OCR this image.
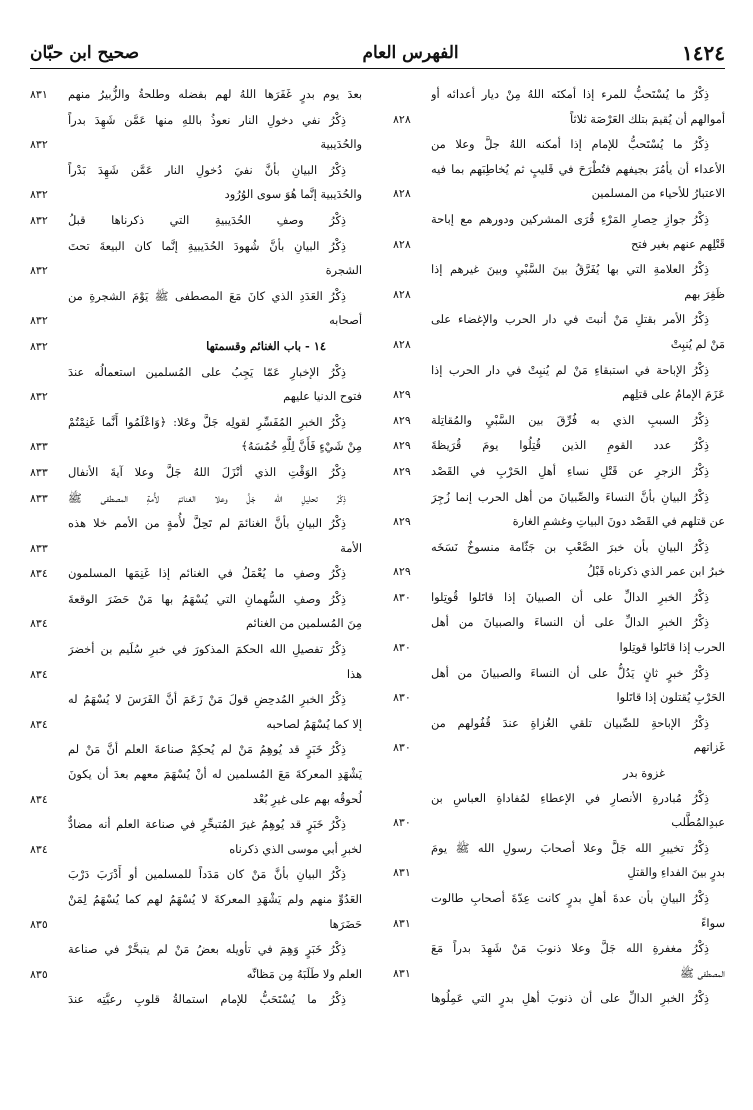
١٤٢٤
الفهرس العام
صحيح ابن حبّان
ذِكْرُ ما يُسْتَحبُّ للمرء إذا أمكنَه اللهُ مِنْ ديار أعدائه أو
أموالهم أن يُقيمَ بتلك العَرْصَة ثلاثاً
٨٢٨
ذِكْرُ ما يُسْتَحبُّ للإمام إذا أمكنه اللهُ جلَّ وعلا من
الأعداء أن يأمُرَ بجيفهم فتُطْرَحَ في قَليبٍ ثم يُخاطِبَهم بما فيه
الاعتبارُ للأحياء من المسلمين
٨٢٨
ذِكْرُ جوازِ حِصارِ المَرْءِ قُرَى المشركين ودورهم مع إباحة
قَتْلِهم عنهم بغير فتح
٨٢٨
ذِكْرُ العلامةِ التي بها يُفَرَّقُ بينَ السَّبْيِ وبينَ غيرهم إذا
ظَفِرَ بهم
٨٢٨
ذِكْرُ الأمر بقتلِ مَنْ أنبتَ في دار الحرب والإغضاء على
مَنْ لم يُنبِتْ
٨٢٨
ذِكْرُ الإباحة في استبقاءِ مَنْ لم يُنبِتْ في دار الحرب إذا
عَزَمَ الإمامُ على قتلِهم
٨٢٩
ذِكْرُ السببِ الذي به فُرِّقَ بين السَّبْيِ والمُقاتِلة
٨٢٩
ذِكْرُ عدد القومِ الذين قُتِلُوا يومَ قُرَيظةَ
٨٢٩
ذِكْرُ الزجرِ عن قَتْلِ نساءِ أهلِ الحَرْبِ في القَصْد
٨٢٩
ذِكْرُ البيانِ بأنَّ النساءَ والصِّبيانَ من أهل الحرب إنما زُجِرَ
عن قتلهم في القَصْد دونَ البياتِ وغشمِ الغارة
٨٢٩
ذِكْرُ البيانِ بأن خبرَ الصَّعْبِ بن جَثّامة منسوخٌ نَسَخَه
خبرُ ابن عمر الذي ذكرناه قَبْلُ
٨٢٩
ذِكْرُ الخبرِ الدالِّ على أن الصبيانَ إذا قاتَلوا قُوتِلوا
٨٣٠
ذِكْرُ الخبرِ الدالِّ على أن النساءَ والصبيانَ من أهل
الحرب إذا قاتَلوا قوتِلوا
٨٣٠
ذِكْرُ خبرٍ ثانٍ يَدُلُّ على أن النساءَ والصبيانَ من أهل
الحَرْبِ يُقتلون إذا قاتَلوا
٨٣٠
ذِكْرُ الإباحةِ للصِّبيان تلقي الغُزاةِ عندَ قُفُولهم من
غَزاتهم
٨٣٠
غزوة بدر
ذِكْرُ مُبادرةِ الأنصارِ في الإعطاءِ لمُفاداةِ العباسِ بن
عبدِالمُطَّلب
٨٣٠
ذِكْرُ تخييرِ الله جَلَّ وعلا أصحابَ رسولِ الله ﷺ يومَ
بدرٍ بينَ الفداءِ والقتلِ
٨٣١
ذِكْرُ البيانِ بأن عدةَ أهلِ بدرٍ كانت عِدّةَ أصحابِ طالوت
سواءً
٨٣١
ذِكْرُ مغفرةِ الله جَلَّ وعلا ذنوبَ مَنْ شَهِدَ بدراً مَعَ
المصطفى ﷺ
٨٣١
ذِكْرُ الخبرِ الدالِّ على أن ذنوبَ أهلِ بدرٍ التي عَمِلُوها
بعدَ يوم بدرٍ غَفَرَها اللهُ لهم بفضله وطلحةُ والزُّبيرُ منهم
٨٣١
ذِكْرُ نفي دخولِ النار نعوذُ باللهِ منها عَمَّن شَهِدَ بدراً
والحُدَيبية
٨٣٢
ذِكْرُ البيانِ بأنَّ نفيَ دُخولِ النار عَمَّن شَهِدَ بَدْراً
والحُدَيبية إنَّما هُوَ سوى الوُرُود
٨٣٢
ذِكْرُ وصفِ الحُدَيبيةِ التي ذكرناها قبلُ
٨٣٢
ذِكْرُ البيانِ بأنَّ شُهودَ الحُدَيبيةِ إنَّما كان البيعةَ تحتَ
الشجرة
٨٣٢
ذِكْرُ العَدَدِ الذي كانَ مَعَ المصطفى ﷺ يَوْمَ الشجرةِ من
أصحابه
٨٣٢
١٤ - باب الغنائم وقسمتها
٨٣٢
ذِكْرُ الإخبارِ عَمّا يَجِبُ على المُسلمين استعمالُه عندَ
فتوح الدنيا عليهم
٨٣٢
ذِكْرُ الخبرِ المُفَسِّرِ لقولِه جَلَّ وعَلا: ﴿وَاعْلَمُوا أَنَّما غَنِمْتُمْ
مِنْ شَيْءٍ فَأَنَّ لِلَّهِ خُمُسَهُ﴾
٨٣٣
ذِكْرُ الوَقْتِ الذي أنْزَلَ اللهُ جَلَّ وعلا آيةَ الأنفال
٨٣٣
ذِكْرُ تحليلِ الله جَلَّ وعلا الغنائمَ لأُمةِ المصطفى ﷺ
٨٣٣
ذِكْرُ البيانِ بأنَّ الغنائمَ لم تَحِلَّ لأُمةٍ من الأمم خلا هذه
الأمة
٨٣٣
ذِكْرُ وصفِ ما يُعْمَلُ في الغنائم إذا غَنِمَها المسلمون
٨٣٤
ذِكْرُ وصفِ السُّهمانِ التي يُسْهَمُ بها مَنْ حَضَرَ الوقعةَ
مِنَ المُسلمين من الغنائم
٨٣٤
ذِكْرُ تفصيلِ الله الحكمَ المذكورَ في خبرِ سُلَيم بن أخضرَ
هذا
٨٣٤
ذِكْرُ الخبرِ المُدحِضِ قولَ مَنْ زَعَمَ أنَّ الفَرَسَ لا يُسْهَمُ له
إلا كما يُسْهَمُ لصاحبه
٨٣٤
ذِكْرُ خَبَرٍ قد يُوهِمُ مَنْ لم يُحكِمْ صناعةَ العلم أنَّ مَنْ لم
يَشْهَدِ المعركةَ مَعَ المُسلمين له أنْ يُسْهَمَ معهم بعدَ أن يكونَ
لُحوقُه بهم على غيرِ بُعْد
٨٣٤
ذِكْرُ خَبَرٍ قد يُوهِمُ غيرَ المُتبحِّرِ في صناعة العلم أنه مضادٌّ
لخبرِ أبي موسى الذي ذكرناه
٨٣٤
ذِكْرُ البيانِ بأنَّ مَنْ كان مَدَداً للمسلمين أو أَدْرَبَ دَرْبَ
العَدُوِّ منهم ولم يَشْهَدِ المعركةَ لا يُسْهَمُ لهم كما يُسْهَمُ لِمَنْ
حَضَرَها
٨٣٥
ذِكْرُ خَبَرٍ وَهِمَ في تأويله بعضُ مَنْ لم يتبحَّرْ في صناعة
العلم ولا طَلَبَهُ مِن مَظانِّه
٨٣٥
ذِكْرُ ما يُسْتَحَبُّ للإمام استمالةُ قلوبِ رعيَّتِه عندَ
